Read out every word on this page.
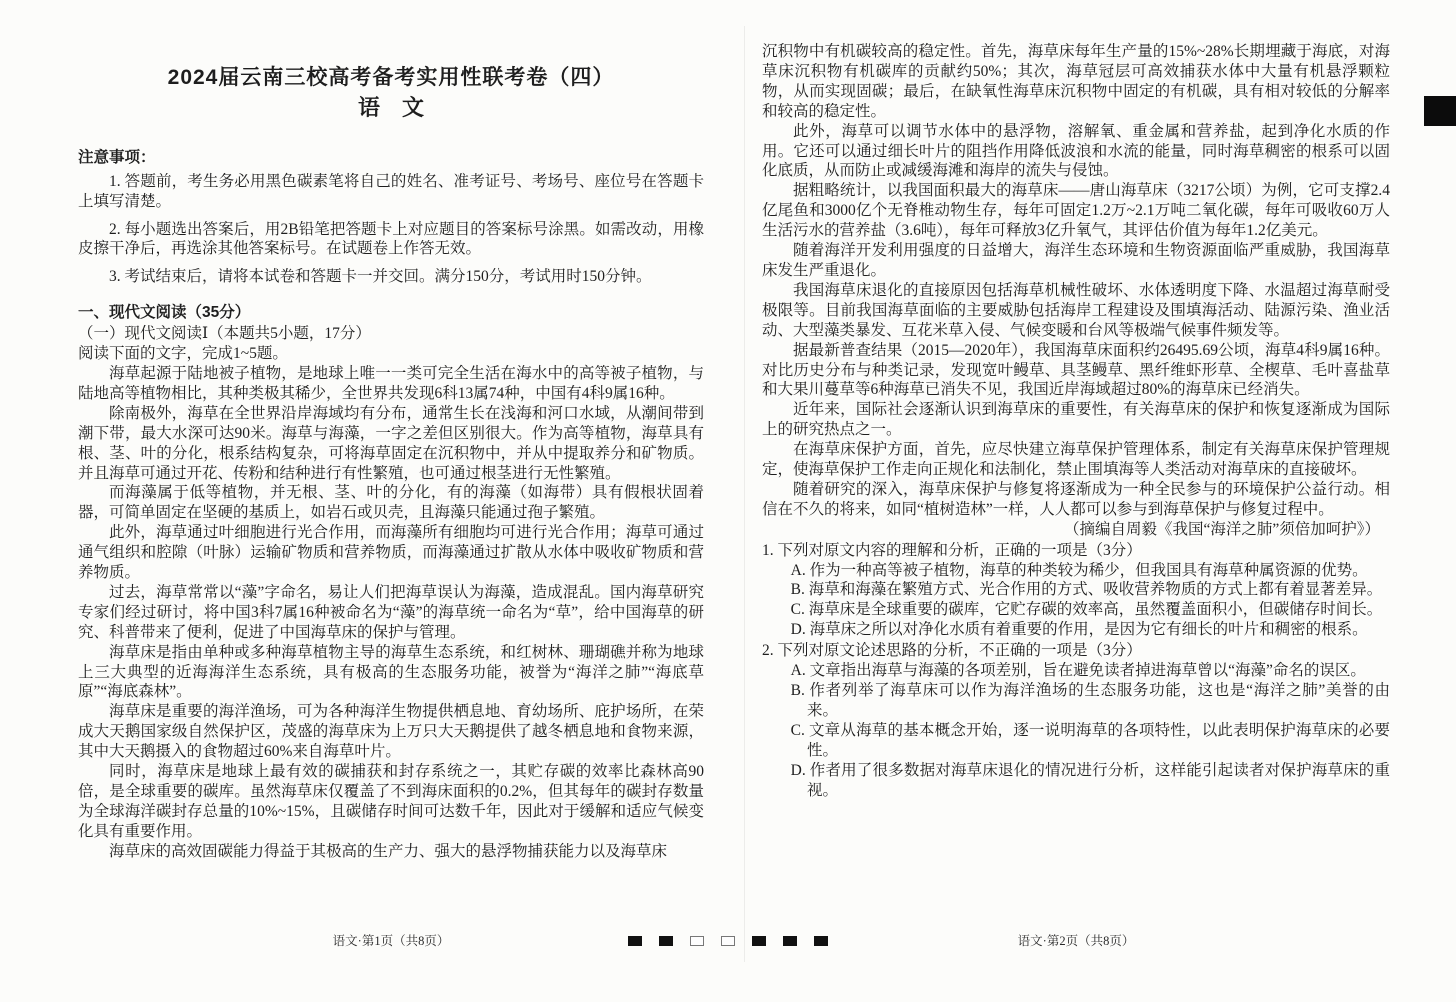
2024届云南三校高考备考实用性联考卷（四）
语　文
注意事项：

1. 答题前，考生务必用黑色碳素笔将自己的姓名、准考证号、考场号、座位号在答题卡上填写清楚。

2. 每小题选出答案后，用2B铅笔把答题卡上对应题目的答案标号涂黑。如需改动，用橡皮擦干净后，再选涂其他答案标号。在试题卷上作答无效。

3. 考试结束后，请将本试卷和答题卡一并交回。满分150分，考试用时150分钟。

一、现代文阅读（35分）
（一）现代文阅读Ⅰ（本题共5小题，17分）

阅读下面的文字，完成1~5题。

海草起源于陆地被子植物，是地球上唯一一类可完全生活在海水中的高等被子植物，与陆地高等植物相比，其种类极其稀少，全世界共发现6科13属74种，中国有4科9属16种。

除南极外，海草在全世界沿岸海域均有分布，通常生长在浅海和河口水域，从潮间带到潮下带，最大水深可达90米。海草与海藻，一字之差但区别很大。作为高等植物，海草具有根、茎、叶的分化，根系结构复杂，可将海草固定在沉积物中，并从中提取养分和矿物质。并且海草可通过开花、传粉和结种进行有性繁殖，也可通过根茎进行无性繁殖。

而海藻属于低等植物，并无根、茎、叶的分化，有的海藻（如海带）具有假根状固着器，可简单固定在坚硬的基质上，如岩石或贝壳，且海藻只能通过孢子繁殖。

此外，海草通过叶细胞进行光合作用，而海藻所有细胞均可进行光合作用；海草可通过通气组织和腔隙（叶脉）运输矿物质和营养物质，而海藻通过扩散从水体中吸收矿物质和营养物质。

过去，海草常常以“藻”字命名，易让人们把海草误认为海藻，造成混乱。国内海草研究专家们经过研讨，将中国3科7属16种被命名为“藻”的海草统一命名为“草”，给中国海草的研究、科普带来了便利，促进了中国海草床的保护与管理。

海草床是指由单种或多种海草植物主导的海草生态系统，和红树林、珊瑚礁并称为地球上三大典型的近海海洋生态系统，具有极高的生态服务功能，被誉为“海洋之肺”“海底草原”“海底森林”。

海草床是重要的海洋渔场，可为各种海洋生物提供栖息地、育幼场所、庇护场所，在荣成大天鹅国家级自然保护区，茂盛的海草床为上万只大天鹅提供了越冬栖息地和食物来源，其中大天鹅摄入的食物超过60%来自海草叶片。

同时，海草床是地球上最有效的碳捕获和封存系统之一，其贮存碳的效率比森林高90倍，是全球重要的碳库。虽然海草床仅覆盖了不到海床面积的0.2%，但其每年的碳封存数量为全球海洋碳封存总量的10%~15%，且碳储存时间可达数千年，因此对于缓解和适应气候变化具有重要作用。

海草床的高效固碳能力得益于其极高的生产力、强大的悬浮物捕获能力以及海草床

语文·第1页（共8页）

沉积物中有机碳较高的稳定性。首先，海草床每年生产量的15%~28%长期埋藏于海底，对海草床沉积物有机碳库的贡献约50%；其次，海草冠层可高效捕获水体中大量有机悬浮颗粒物，从而实现固碳；最后，在缺氧性海草床沉积物中固定的有机碳，具有相对较低的分解率和较高的稳定性。

此外，海草可以调节水体中的悬浮物，溶解氧、重金属和营养盐，起到净化水质的作用。它还可以通过细长叶片的阻挡作用降低波浪和水流的能量，同时海草稠密的根系可以固化底质，从而防止或减缓海滩和海岸的流失与侵蚀。

据粗略统计，以我国面积最大的海草床——唐山海草床（3217公顷）为例，它可支撑2.4亿尾鱼和3000亿个无脊椎动物生存，每年可固定1.2万~2.1万吨二氧化碳，每年可吸收60万人生活污水的营养盐（3.6吨），每年可释放3亿升氧气，其评估价值为每年1.2亿美元。

随着海洋开发利用强度的日益增大，海洋生态环境和生物资源面临严重威胁，我国海草床发生严重退化。

我国海草床退化的直接原因包括海草机械性破坏、水体透明度下降、水温超过海草耐受极限等。目前我国海草面临的主要威胁包括海岸工程建设及围填海活动、陆源污染、渔业活动、大型藻类暴发、互花米草入侵、气候变暖和台风等极端气候事件频发等。

据最新普查结果（2015—2020年），我国海草床面积约26495.69公顷，海草4科9属16种。对比历史分布与种类记录，发现宽叶鳗草、具茎鳗草、黑纤维虾形草、全楔草、毛叶喜盐草和大果川蔓草等6种海草已消失不见，我国近岸海域超过80%的海草床已经消失。

近年来，国际社会逐渐认识到海草床的重要性，有关海草床的保护和恢复逐渐成为国际上的研究热点之一。

在海草床保护方面，首先，应尽快建立海草保护管理体系，制定有关海草床保护管理规定，使海草保护工作走向正规化和法制化，禁止围填海等人类活动对海草床的直接破坏。

随着研究的深入，海草床保护与修复将逐渐成为一种全民参与的环境保护公益行动。相信在不久的将来，如同“植树造林”一样，人人都可以参与到海草保护与修复过程中。

（摘编自周毅《我国“海洋之肺”须倍加呵护》）

1. 下列对原文内容的理解和分析，正确的一项是（3分）

A. 作为一种高等被子植物，海草的种类较为稀少，但我国具有海草种属资源的优势。

B. 海草和海藻在繁殖方式、光合作用的方式、吸收营养物质的方式上都有着显著差异。

C. 海草床是全球重要的碳库，它贮存碳的效率高，虽然覆盖面积小，但碳储存时间长。

D. 海草床之所以对净化水质有着重要的作用，是因为它有细长的叶片和稠密的根系。

2. 下列对原文论述思路的分析，不正确的一项是（3分）

A. 文章指出海草与海藻的各项差别，旨在避免读者掉进海草曾以“海藻”命名的误区。

B. 作者列举了海草床可以作为海洋渔场的生态服务功能，这也是“海洋之肺”美誉的由来。

C. 文章从海草的基本概念开始，逐一说明海草的各项特性，以此表明保护海草床的必要性。

D. 作者用了很多数据对海草床退化的情况进行分析，这样能引起读者对保护海草床的重视。

语文·第2页（共8页）
